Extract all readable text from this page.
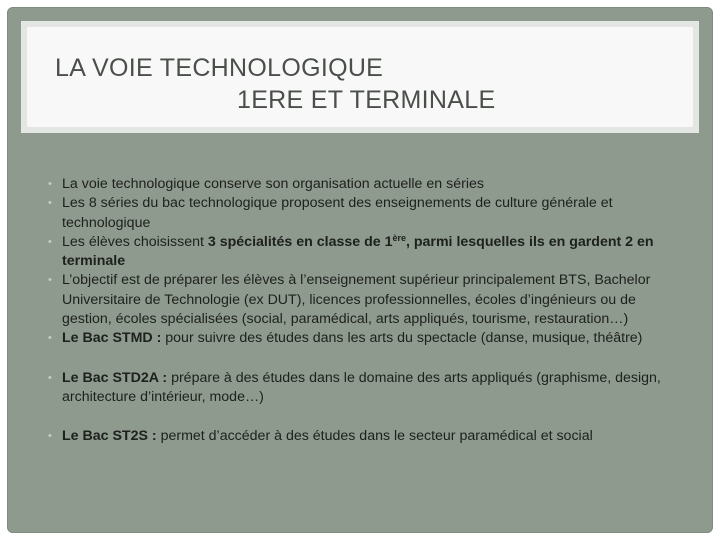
LA VOIE TECHNOLOGIQUE
1ERE ET TERMINALE
• La voie technologique conserve son organisation actuelle en séries
• Les 8 séries du bac technologique proposent des enseignements de culture générale et technologique
• Les élèves choisissent 3 spécialités en classe de 1ère, parmi lesquelles ils en gardent 2 en terminale
• L’objectif est de préparer les élèves à l’enseignement supérieur principalement BTS, Bachelor Universitaire de Technologie (ex DUT), licences professionnelles, écoles d’ingénieurs ou de gestion, écoles spécialisées (social, paramédical, arts appliqués, tourisme, restauration…)
• Le Bac STMD : pour suivre des études dans les arts du spectacle (danse, musique, théâtre)
• Le Bac STD2A : prépare à des études dans le domaine des arts appliqués (graphisme, design, architecture d’intérieur, mode…)
• Le Bac ST2S : permet d’accéder à des études dans le secteur paramédical et social
